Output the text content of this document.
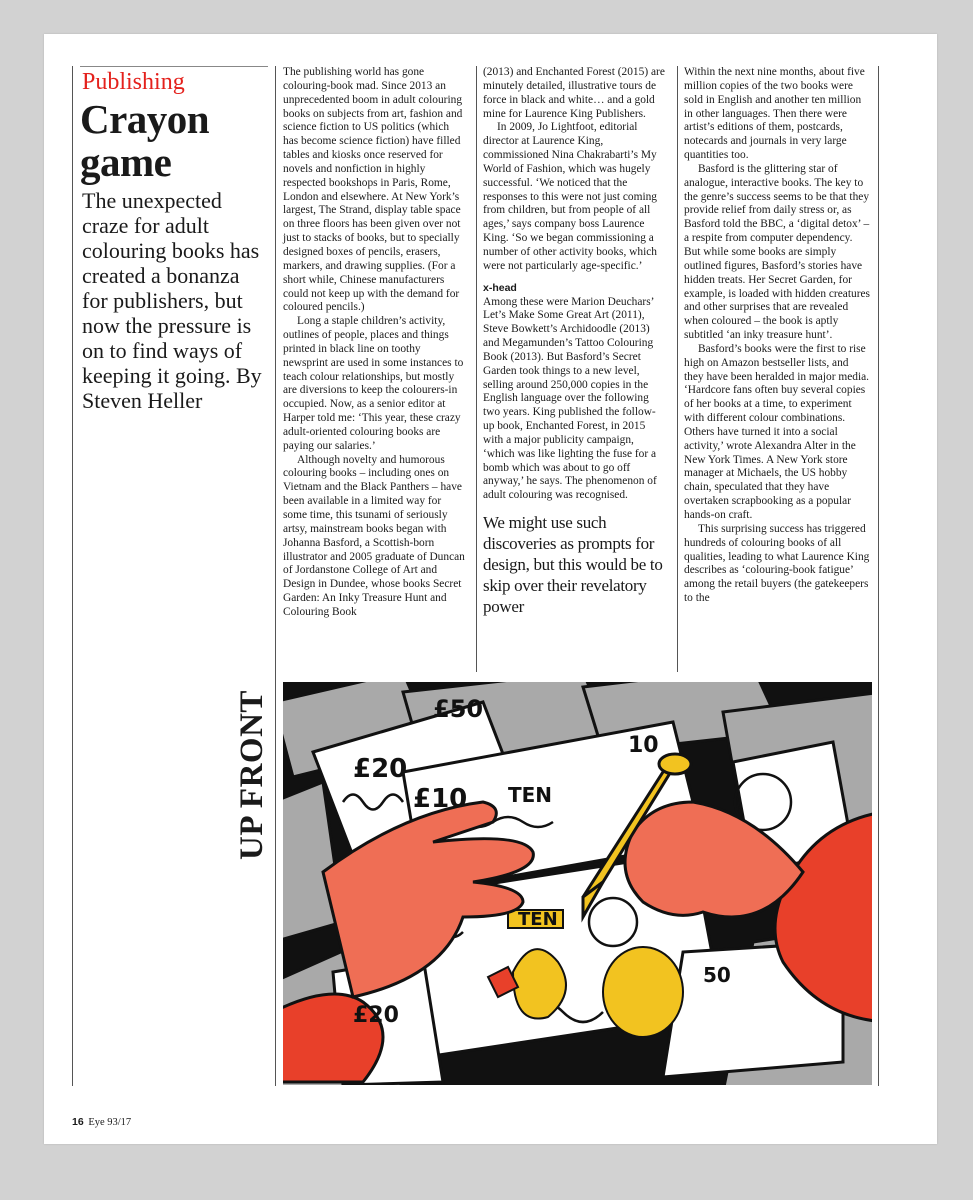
Publishing
Crayon
game
The unexpected craze for adult colouring books has created a bonanza for publishers, but now the pressure is on to find ways of keeping it going. By Steven Heller

The publishing world has gone colouring-book mad. Since 2013 an unprecedented boom in adult colouring books on subjects from art, fashion and science fiction to US politics (which has become science fiction) have filled tables and kiosks once reserved for novels and nonfiction in highly respected bookshops in Paris, Rome, London and elsewhere. At New York’s largest, The Strand, display table space on three floors has been given over not just to stacks of books, but to specially designed boxes of pencils, erasers, markers, and drawing supplies. (For a short while, Chinese manufacturers could not keep up with the demand for coloured pencils.)

Long a staple children’s activity, outlines of people, places and things printed in black line on toothy newsprint are used in some instances to teach colour relationships, but mostly are diversions to keep the colourers-in occupied. Now, as a senior editor at Harper told me: ‘This year, these crazy adult-oriented colouring books are paying our salaries.’

Although novelty and humorous colouring books – including ones on Vietnam and the Black Panthers – have been available in a limited way for some time, this tsunami of seriously artsy, mainstream books began with Johanna Basford, a Scottish-born illustrator and 2005 graduate of Duncan of Jordanstone College of Art and Design in Dundee, whose books Secret Garden: An Inky Treasure Hunt and Colouring Book

(2013) and Enchanted Forest (2015) are minutely detailed, illustrative tours de force in black and white… and a gold mine for Laurence King Publishers.

In 2009, Jo Lightfoot, editorial director at Laurence King, commissioned Nina Chakrabarti’s My World of Fashion, which was hugely successful. ‘We noticed that the responses to this were not just coming from children, but from people of all ages,’ says company boss Laurence King. ‘So we began commissioning a number of other activity books, which were not particularly age-specific.’

x-head

Among these were Marion Deuchars’ Let’s Make Some Great Art (2011), Steve Bowkett’s Archidoodle (2013) and Megamunden’s Tattoo Colouring Book (2013). But Basford’s Secret Garden took things to a new level, selling around 250,000 copies in the English language over the following two years. King published the follow-up book, Enchanted Forest, in 2015 with a major publicity campaign, ‘which was like lighting the fuse for a bomb which was about to go off anyway,’ he says. The phenomenon of adult colouring was recognised.

We might use such discoveries as prompts for design, but this would be to skip over their revelatory power

Within the next nine months, about five million copies of the two books were sold in English and another ten million in other languages. Then there were artist’s editions of them, postcards, notecards and journals in very large quantities too.

Basford is the glittering star of analogue, interactive books. The key to the genre’s success seems to be that they provide relief from daily stress or, as Basford told the BBC, a ‘digital detox’ – a respite from computer dependency. But while some books are simply outlined figures, Basford’s stories have hidden treats. Her Secret Garden, for example, is loaded with hidden creatures and other surprises that are revealed when coloured – the book is aptly subtitled ‘an inky treasure hunt’.

Basford’s books were the first to rise high on Amazon bestseller lists, and they have been heralded in major media. ‘Hardcore fans often buy several copies of her books at a time, to experiment with different colour combinations. Others have turned it into a social activity,’ wrote Alexandra Alter in the New York Times. A New York store manager at Michaels, the US hobby chain, speculated that they have overtaken scrapbooking as a popular hands-on craft.

This surprising success has triggered hundreds of colouring books of all qualities, leading to what Laurence King describes as ‘colouring-book fatigue’ among the retail buyers (the gatekeepers to the

UP FRONT	£50
£20
£10 TEN
TEN
10
£20
50
16 Eye 93/17
